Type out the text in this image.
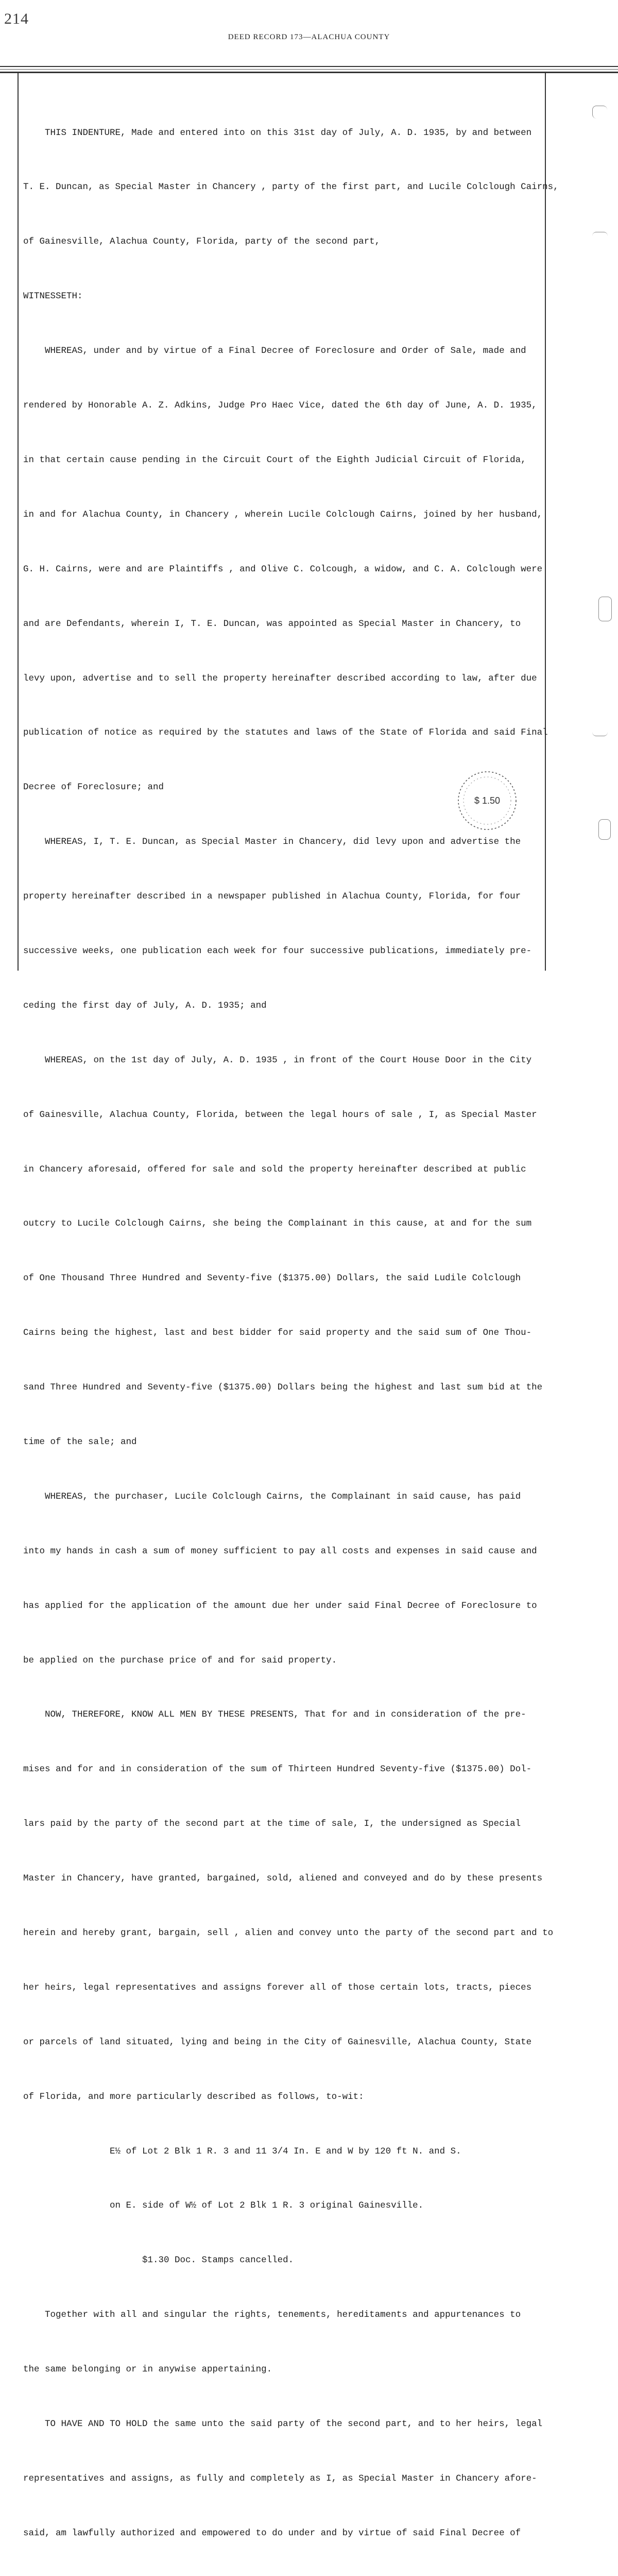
214
DEED RECORD 173—ALACHUA COUNTY

THIS INDENTURE, Made and entered into on this 31st day of July, A. D. 1935, by and between

T. E. Duncan, as Special Master in Chancery , party of the first part, and Lucile Colclough Cairns,

of Gainesville, Alachua County, Florida, party of the second part,

WITNESSETH:

WHEREAS, under and by virtue of a Final Decree of Foreclosure and Order of Sale, made and

rendered by Honorable A. Z. Adkins, Judge Pro Haec Vice, dated the 6th day of June, A. D. 1935,

in that certain cause pending in the Circuit Court of the Eighth Judicial Circuit of Florida,

in and for Alachua County, in Chancery , wherein Lucile Colclough Cairns, joined by her husband,

G. H. Cairns, were and are Plaintiffs , and Olive C. Colcough, a widow, and C. A. Colclough were

and are Defendants, wherein I, T. E. Duncan, was appointed as Special Master in Chancery, to

levy upon, advertise and to sell the property hereinafter described according to law, after due

publication of notice as required by the statutes and laws of the State of Florida and said Final

Decree of Foreclosure; and

WHEREAS, I, T. E. Duncan, as Special Master in Chancery, did levy upon and advertise the

property hereinafter described in a newspaper published in Alachua County, Florida, for four

successive weeks, one publication each week for four successive publications, immediately pre-

ceding the first day of July, A. D. 1935; and

WHEREAS, on the 1st day of July, A. D. 1935 , in front of the Court House Door in the City

of Gainesville, Alachua County, Florida, between the legal hours of sale , I, as Special Master

in Chancery aforesaid, offered for sale and sold the property hereinafter described at public

outcry to Lucile Colclough Cairns, she being the Complainant in this cause, at and for the sum

of One Thousand Three Hundred and Seventy-five ($1375.00) Dollars, the said Ludile Colclough

Cairns being the highest, last and best bidder for said property and the said sum of One Thou-

sand Three Hundred and Seventy-five ($1375.00) Dollars being the highest and last sum bid at the

time of the sale; and

WHEREAS, the purchaser, Lucile Colclough Cairns, the Complainant in said cause, has paid

into my hands in cash a sum of money sufficient to pay all costs and expenses in said cause and

has applied for the application of the amount due her under said Final Decree of Foreclosure to

be applied on the purchase price of and for said property.

NOW, THEREFORE, KNOW ALL MEN BY THESE PRESENTS, That for and in consideration of the pre-

mises and for and in consideration of the sum of Thirteen Hundred Seventy-five ($1375.00) Dol-

lars paid by the party of the second part at the time of sale, I, the undersigned as Special

Master in Chancery, have granted, bargained, sold, aliened and conveyed and do by these presents

herein and hereby grant, bargain, sell , alien and convey unto the party of the second part and to

her heirs, legal representatives and assigns forever all of those certain lots, tracts, pieces

or parcels of land situated, lying and being in the City of Gainesville, Alachua County, State

of Florida, and more particularly described as follows, to-wit:

E½ of Lot 2 Blk 1 R. 3 and 11 3/4 In. E and W by 120 ft N. and S.

on E. side of W½ of Lot 2 Blk 1 R. 3 original Gainesville.

$1.30 Doc. Stamps cancelled.

Together with all and singular the rights, tenements, hereditaments and appurtenances to

the same belonging or in anywise appertaining.

TO HAVE AND TO HOLD the same unto the said party of the second part, and to her heirs, legal

representatives and assigns, as fully and completely as I, as Special Master in Chancery afore-

said, am lawfully authorized and empowered to do under and by virtue of said Final Decree of

$ 1.50
